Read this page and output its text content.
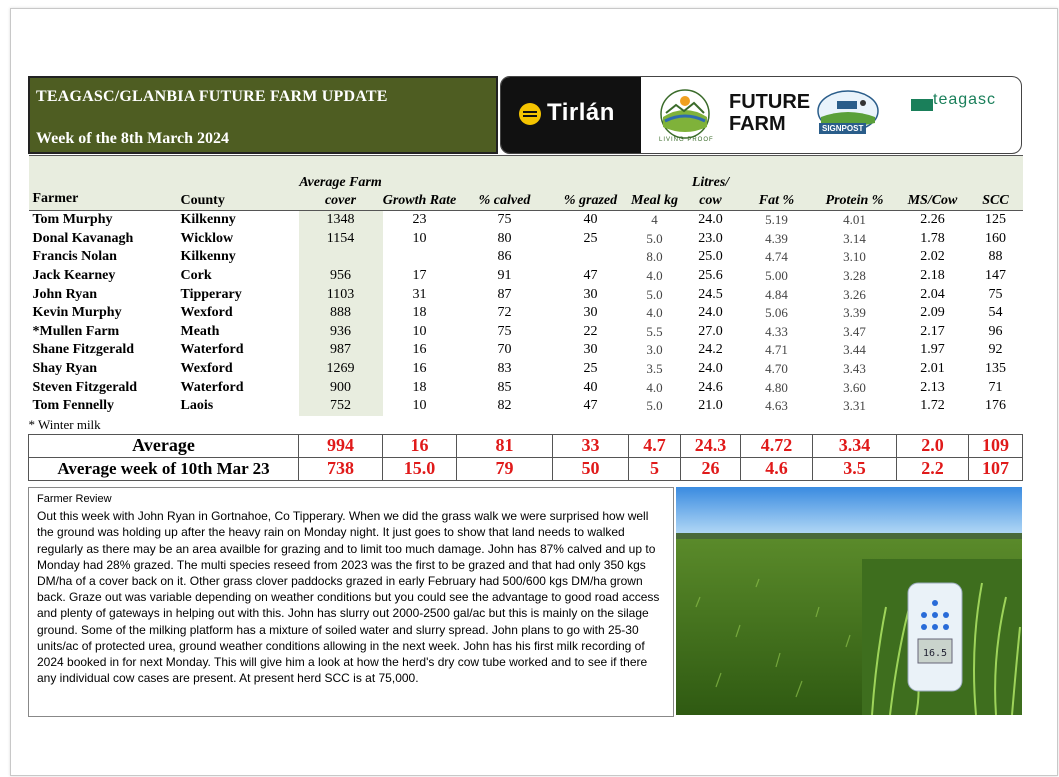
TEAGASC/GLANBIA FUTURE FARM UPDATE
Week of the 8th March 2024
Tirlán
LIVING PROOF
FUTURE
FARM	SIGNPOST
teagasc
Farmer	County	Average Farm cover	Growth Rate	% calved	% grazed	Meal kg	Litres/ cow	Fat %	Protein %	MS/Cow	SCC
Tom Murphy	Kilkenny	1348	23	75	40	4	24.0	5.19	4.01	2.26	125
Donal Kavanagh	Wicklow	1154	10	80	25	5.0	23.0	4.39	3.14	1.78	160
Francis Nolan	Kilkenny			86		8.0	25.0	4.74	3.10	2.02	88
Jack Kearney	Cork	956	17	91	47	4.0	25.6	5.00	3.28	2.18	147
John Ryan	Tipperary	1103	31	87	30	5.0	24.5	4.84	3.26	2.04	75
Kevin Murphy	Wexford	888	18	72	30	4.0	24.0	5.06	3.39	2.09	54
*Mullen Farm	Meath	936	10	75	22	5.5	27.0	4.33	3.47	2.17	96
Shane Fitzgerald	Waterford	987	16	70	30	3.0	24.2	4.71	3.44	1.97	92
Shay Ryan	Wexford	1269	16	83	25	3.5	24.0	4.70	3.43	2.01	135
Steven Fitzgerald	Waterford	900	18	85	40	4.0	24.6	4.80	3.60	2.13	71
Tom Fennelly	Laois	752	10	82	47	5.0	21.0	4.63	3.31	1.72	176
* Winter milk											
Average		994	16	81	33	4.7	24.3	4.72	3.34	2.0	109
Average week of 10th Mar 23		738	15.0	79	50	5	26	4.6	3.5	2.2	107
Farmer Review
Out this week with John Ryan in Gortnahoe, Co Tipperary. When we did the grass walk we were surprised how well the ground was holding up after the heavy rain on Monday night. It just goes to show that land needs to walked regularly as there may be an area availble for grazing and to limit too much damage. John has 87% calved and up to Monday had 28% grazed. The multi species reseed from 2023 was the first to be grazed and that had only 350 kgs DM/ha of a cover back on it. Other grass clover paddocks grazed in early February had 500/600 kgs DM/ha grown back. Graze out was variable depending on weather conditions but you could see the advantage to good road access and plenty of gateways in helping out with this. John has slurry out 2000-2500 gal/ac but this is mainly on the silage ground. Some of the milking platform has a mixture of soiled water and slurry spread. John plans to go with 25-30 units/ac of protected urea, ground weather conditions allowing in the next week. John has his first milk recording of 2024 booked in for next Monday. This will give him a look at how the herd's dry cow tube worked and to see if there any individual cow cases are present. At present herd SCC is at 75,000.
16.5
